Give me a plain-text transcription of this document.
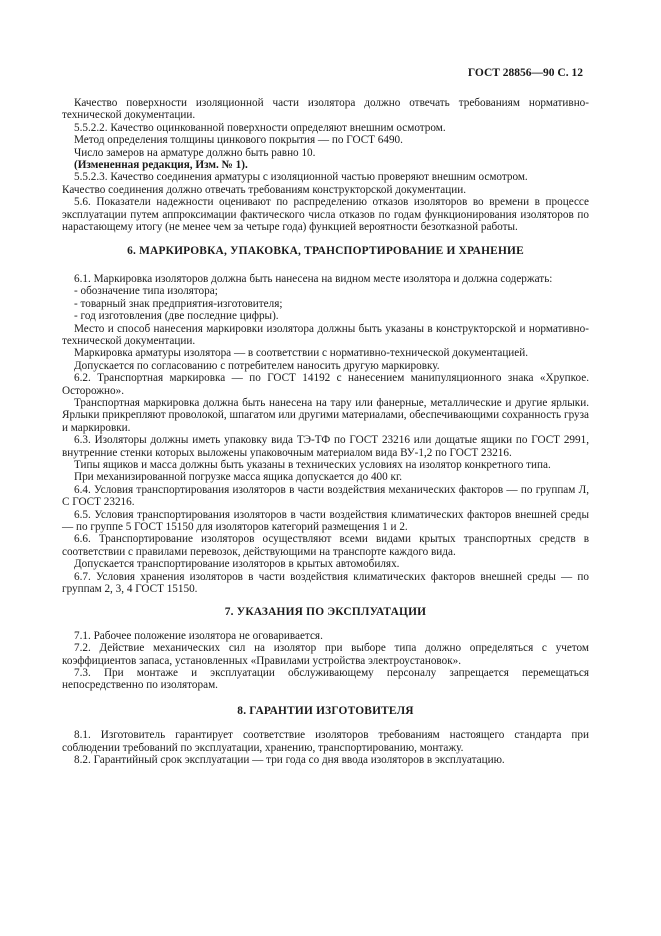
ГОСТ 28856—90 С. 12

Качество поверхности изоляционной части изолятора должно отвечать требованиям нормативно-технической документации.

5.5.2.2. Качество оцинкованной поверхности определяют внешним осмотром.

Метод определения толщины цинкового покрытия — по ГОСТ 6490.

Число замеров на арматуре должно быть равно 10.

(Измененная редакция, Изм. № 1).

5.5.2.3. Качество соединения арматуры с изоляционной частью проверяют внешним осмотром.

Качество соединения должно отвечать требованиям конструкторской документации.

5.6. Показатели надежности оценивают по распределению отказов изоляторов во времени в процессе эксплуатации путем аппроксимации фактического числа отказов по годам функционирования изоляторов по нарастающему итогу (не менее чем за четыре года) функцией вероятности безотказной работы.

6. МАРКИРОВКА, УПАКОВКА, ТРАНСПОРТИРОВАНИЕ И ХРАНЕНИЕ

6.1. Маркировка изоляторов должна быть нанесена на видном месте изолятора и должна содержать:

- обозначение типа изолятора;

- товарный знак предприятия-изготовителя;

- год изготовления (две последние цифры).

Место и способ нанесения маркировки изолятора должны быть указаны в конструкторской и нормативно-технической документации.

Маркировка арматуры изолятора — в соответствии с нормативно-технической документацией.

Допускается по согласованию с потребителем наносить другую маркировку.

6.2. Транспортная маркировка — по ГОСТ 14192 с нанесением манипуляционного знака «Хрупкое. Осторожно».

Транспортная маркировка должна быть нанесена на тару или фанерные, металлические и другие ярлыки. Ярлыки прикрепляют проволокой, шпагатом или другими материалами, обеспечивающими сохранность груза и маркировки.

6.3. Изоляторы должны иметь упаковку вида ТЭ-ТФ по ГОСТ 23216 или дощатые ящики по ГОСТ 2991, внутренние стенки которых выложены упаковочным материалом вида ВУ-1,2 по ГОСТ 23216.

Типы ящиков и масса должны быть указаны в технических условиях на изолятор конкретного типа.

При механизированной погрузке масса ящика допускается до 400 кг.

6.4. Условия транспортирования изоляторов в части воздействия механических факторов — по группам Л, С ГОСТ 23216.

6.5. Условия транспортирования изоляторов в части воздействия климатических факторов внешней среды — по группе 5 ГОСТ 15150 для изоляторов категорий размещения 1 и 2.

6.6. Транспортирование изоляторов осуществляют всеми видами крытых транспортных средств в соответствии с правилами перевозок, действующими на транспорте каждого вида.

Допускается транспортирование изоляторов в крытых автомобилях.

6.7. Условия хранения изоляторов в части воздействия климатических факторов внешней среды — по группам 2, 3, 4 ГОСТ 15150.

7. УКАЗАНИЯ ПО ЭКСПЛУАТАЦИИ

7.1. Рабочее положение изолятора не оговаривается.

7.2. Действие механических сил на изолятор при выборе типа должно определяться с учетом коэффициентов запаса, установленных «Правилами устройства электроустановок».

7.3. При монтаже и эксплуатации обслуживающему персоналу запрещается перемещаться непосредственно по изоляторам.

8. ГАРАНТИИ ИЗГОТОВИТЕЛЯ

8.1. Изготовитель гарантирует соответствие изоляторов требованиям настоящего стандарта при соблюдении требований по эксплуатации, хранению, транспортированию, монтажу.

8.2. Гарантийный срок эксплуатации — три года со дня ввода изоляторов в эксплуатацию.
